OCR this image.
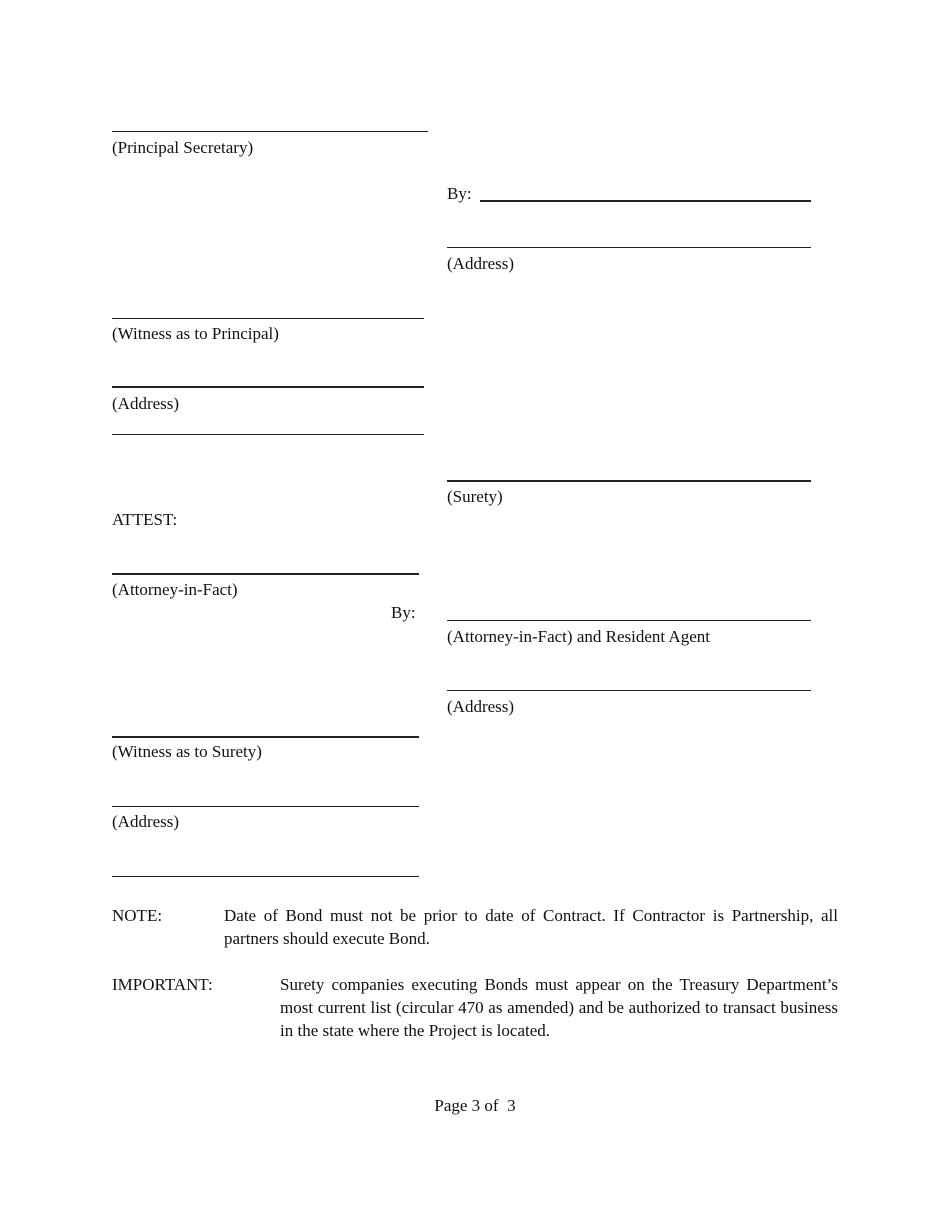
(Principal Secretary)
(Witness as to Principal)
(Address)
ATTEST:
(Attorney-in-Fact)
By:
(Witness as to Surety)
(Address)
By:
(Address)
(Surety)
(Attorney-in-Fact) and Resident Agent
(Address)
NOTE:	Date of Bond must not be prior to date of Contract. If Contractor is Partnership, all partners should execute Bond.
IMPORTANT:	Surety companies executing Bonds must appear on the Treasury Department’s most current list (circular 470 as amended) and be authorized to transact business in the state where the Project is located.
Page 3 of  3
